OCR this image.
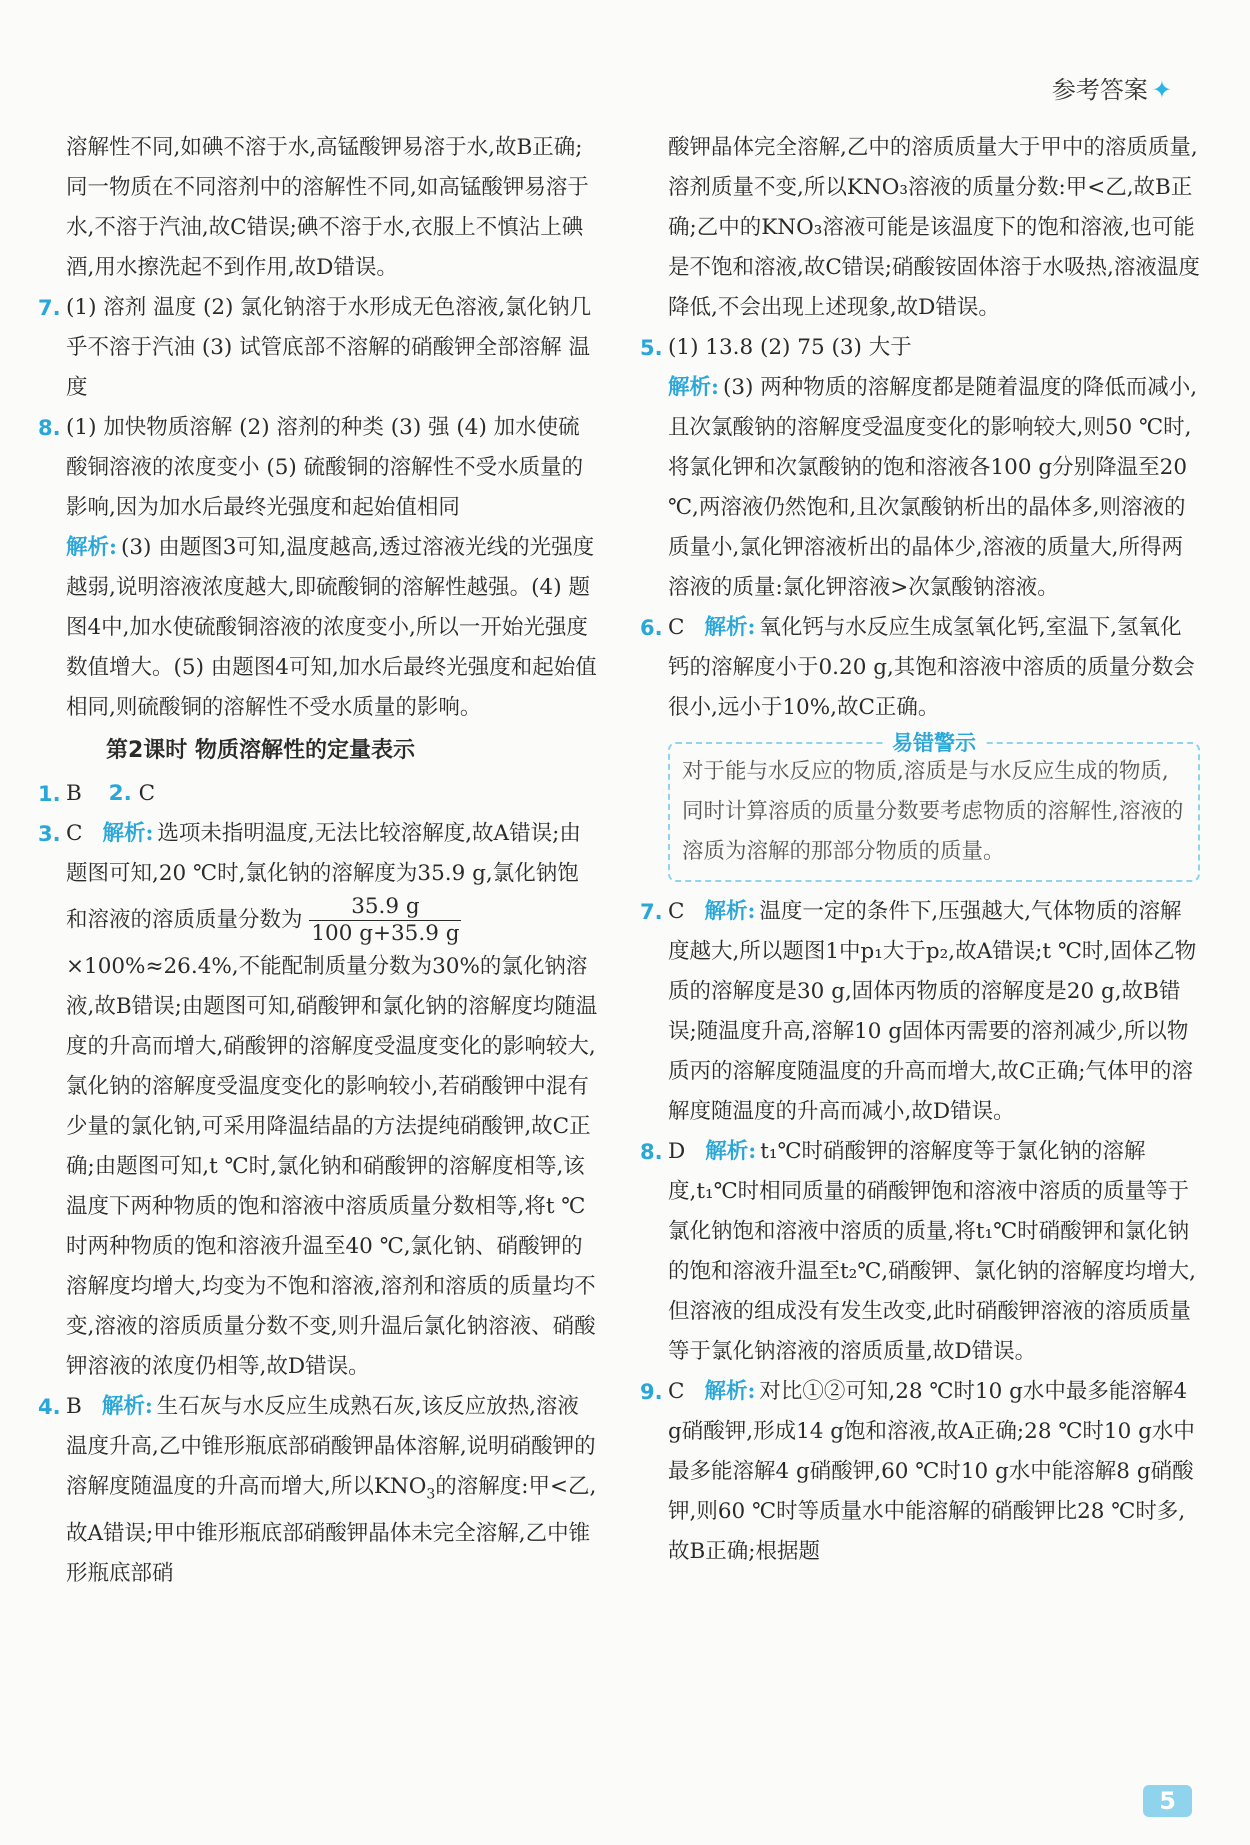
参考答案 ✦
溶解性不同,如碘不溶于水,高锰酸钾易溶于水,故B正确;同一物质在不同溶剂中的溶解性不同,如高锰酸钾易溶于水,不溶于汽油,故C错误;碘不溶于水,衣服上不慎沾上碘酒,用水擦洗起不到作用,故D错误。
7. (1) 溶剂 温度 (2) 氯化钠溶于水形成无色溶液,氯化钠几乎不溶于汽油 (3) 试管底部不溶解的硝酸钾全部溶解 温度
8. (1) 加快物质溶解 (2) 溶剂的种类 (3) 强 (4) 加水使硫酸铜溶液的浓度变小 (5) 硫酸铜的溶解性不受水质量的影响,因为加水后最终光强度和起始值相同
解析: (3) 由题图3可知,温度越高,透过溶液光线的光强度越弱,说明溶液浓度越大,即硫酸铜的溶解性越强。(4) 题图4中,加水使硫酸铜溶液的浓度变小,所以一开始光强度数值增大。(5) 由题图4可知,加水后最终光强度和起始值相同,则硫酸铜的溶解性不受水质量的影响。
第2课时 物质溶解性的定量表示
1. B 2. C
3. C 解析: 选项未指明温度,无法比较溶解度,故A错误;由题图可知,20 ℃时,氯化钠的溶解度为35.9 g,氯化钠饱和溶液的溶质质量分数为 $\frac{35.9 g}{100 g+35.9 g}$
×100%≈26.4%,不能配制质量分数为30%的氯化钠溶液,故B错误;由题图可知,硝酸钾和氯化钠的溶解度均随温度的升高而增大,硝酸钾的溶解度受温度变化的影响较大,氯化钠的溶解度受温度变化的影响较小,若硝酸钾中混有少量的氯化钠,可采用降温结晶的方法提纯硝酸钾,故C正确;由题图可知,t ℃时,氯化钠和硝酸钾的溶解度相等,该温度下两种物质的饱和溶液中溶质质量分数相等,将t ℃时两种物质的饱和溶液升温至40 ℃,氯化钠、硝酸钾的溶解度均增大,均变为不饱和溶液,溶剂和溶质的质量均不变,溶液的溶质质量分数不变,则升温后氯化钠溶液、硝酸钾溶液的浓度仍相等,故D错误。
4. B 解析: 生石灰与水反应生成熟石灰,该反应放热,溶液温度升高,乙中锥形瓶底部硝酸钾晶体溶解,说明硝酸钾的溶解度随温度的升高而增大,所以$KNO_3$的溶解度:甲<乙,故A错误;甲中锥形瓶底部硝酸钾晶体未完全溶解,乙中锥形瓶底部硝
酸钾晶体完全溶解,乙中的溶质质量大于甲中的溶质质量,溶剂质量不变,所以KNO₃溶液的质量分数:甲<乙,故B正确;乙中的KNO₃溶液可能是该温度下的饱和溶液,也可能是不饱和溶液,故C错误;硝酸铵固体溶于水吸热,溶液温度降低,不会出现上述现象,故D错误。
5. (1) 13.8 (2) 75 (3) 大于
解析: (3) 两种物质的溶解度都是随着温度的降低而减小,且次氯酸钠的溶解度受温度变化的影响较大,则50 ℃时,将氯化钾和次氯酸钠的饱和溶液各100 g分别降温至20 ℃,两溶液仍然饱和,且次氯酸钠析出的晶体多,则溶液的质量小,氯化钾溶液析出的晶体少,溶液的质量大,所得两溶液的质量:氯化钾溶液>次氯酸钠溶液。
6. C 解析: 氧化钙与水反应生成氢氧化钙,室温下,氢氧化钙的溶解度小于0.20 g,其饱和溶液中溶质的质量分数会很小,远小于10%,故C正确。
易错警示
对于能与水反应的物质,溶质是与水反应生成的物质,同时计算溶质的质量分数要考虑物质的溶解性,溶液的溶质为溶解的那部分物质的质量。
7. C 解析: 温度一定的条件下,压强越大,气体物质的溶解度越大,所以题图1中p₁大于p₂,故A错误;t ℃时,固体乙物质的溶解度是30 g,固体丙物质的溶解度是20 g,故B错误;随温度升高,溶解10 g固体丙需要的溶剂减少,所以物质丙的溶解度随温度的升高而增大,故C正确;气体甲的溶解度随温度的升高而减小,故D错误。
8. D 解析: t₁℃时硝酸钾的溶解度等于氯化钠的溶解度,t₁℃时相同质量的硝酸钾饱和溶液中溶质的质量等于氯化钠饱和溶液中溶质的质量,将t₁℃时硝酸钾和氯化钠的饱和溶液升温至t₂℃,硝酸钾、氯化钠的溶解度均增大,但溶液的组成没有发生改变,此时硝酸钾溶液的溶质质量等于氯化钠溶液的溶质质量,故D错误。
9. C 解析: 对比①②可知,28 ℃时10 g水中最多能溶解4 g硝酸钾,形成14 g饱和溶液,故A正确;28 ℃时10 g水中最多能溶解4 g硝酸钾,60 ℃时10 g水中能溶解8 g硝酸钾,则60 ℃时等质量水中能溶解的硝酸钾比28 ℃时多,故B正确;根据题
5
